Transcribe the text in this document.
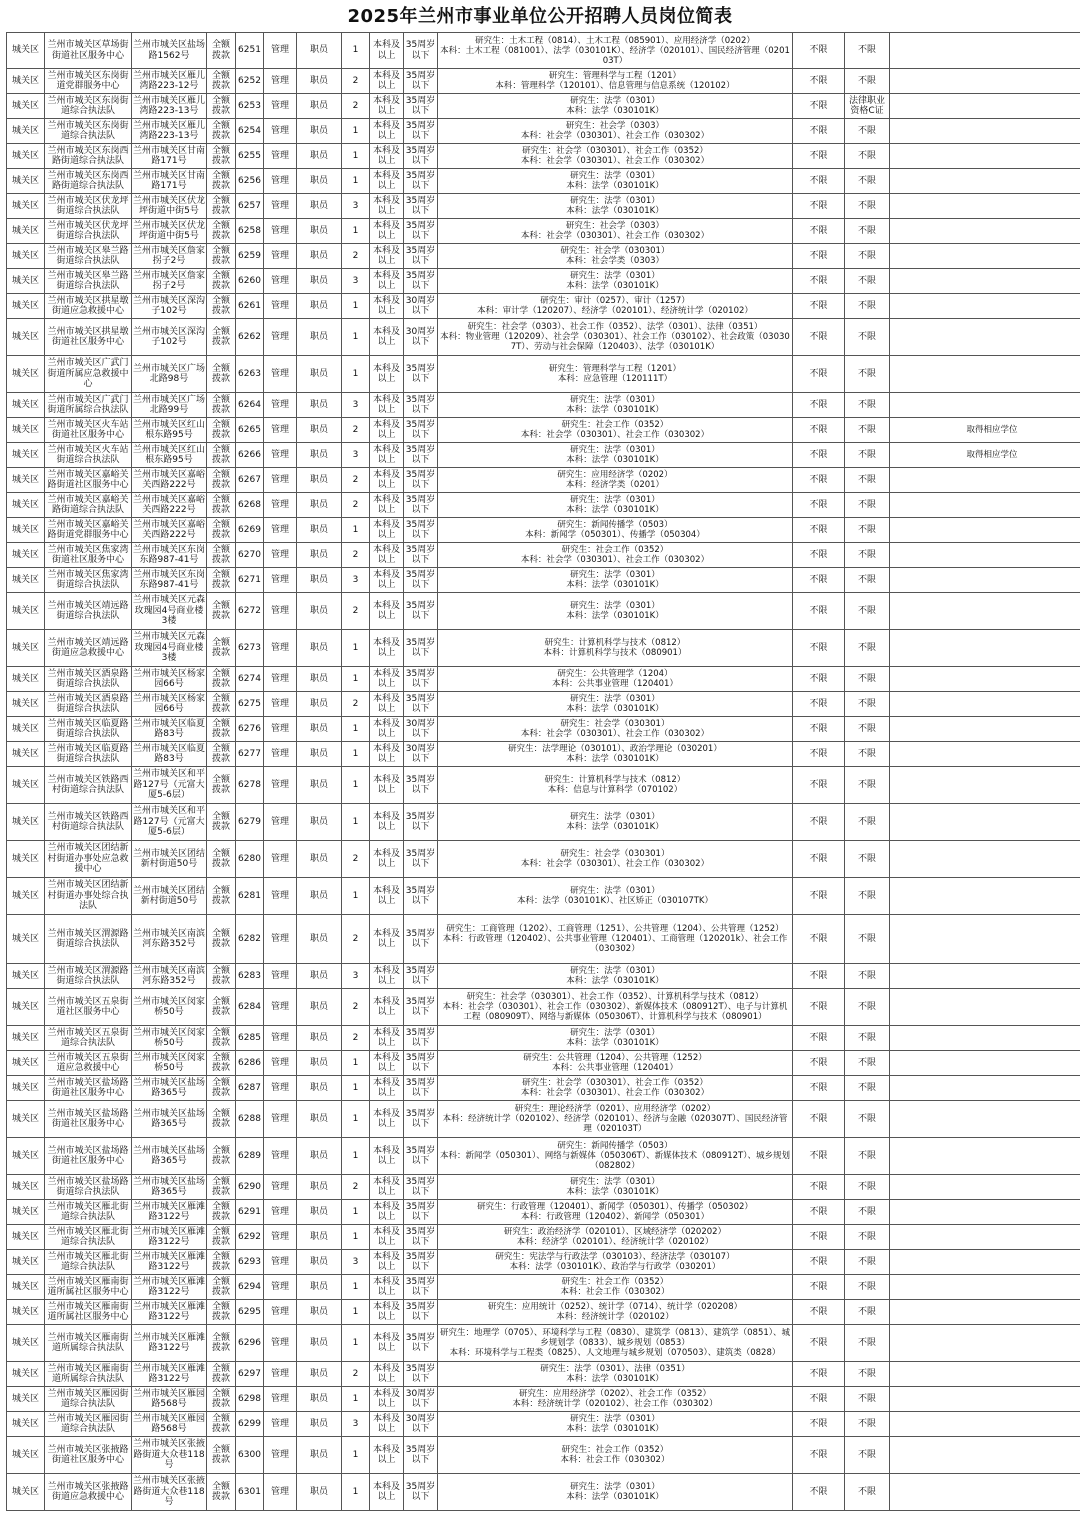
2025年兰州市事业单位公开招聘人员岗位简表
城关区	兰州市城关区草场街街道社区服务中心	兰州市城关区盐场路1562号	全额拨款	6251	管理	职员	1	本科及以上	35周岁以下	研究生：土木工程（0814）、土木工程（085901）、应用经济学（0202）
本科：土木工程（081001）、法学（030101K）、经济学（020101）、国民经济管理（020103T）	不限	不限	
城关区	兰州市城关区东岗街道党群服务中心	兰州市城关区雁儿湾路223-12号	全额拨款	6252	管理	职员	2	本科及以上	35周岁以下	研究生：管理科学与工程（1201）
本科：管理科学（120101）、信息管理与信息系统（120102）	不限	不限	
城关区	兰州市城关区东岗街道综合执法队	兰州市城关区雁儿湾路223-13号	全额拨款	6253	管理	职员	2	本科及以上	35周岁以下	研究生：法学（0301）
本科：法学（030101K）	不限	法律职业资格C证	
城关区	兰州市城关区东岗街道综合执法队	兰州市城关区雁儿湾路223-13号	全额拨款	6254	管理	职员	1	本科及以上	35周岁以下	研究生：社会学（0303）
本科：社会学（030301）、社会工作（030302）	不限	不限	
城关区	兰州市城关区东岗西路街道综合执法队	兰州市城关区甘南路171号	全额拨款	6255	管理	职员	1	本科及以上	35周岁以下	研究生：社会学（030301）、社会工作（0352）
本科：社会学（030301）、社会工作（030302）	不限	不限	
城关区	兰州市城关区东岗西路街道综合执法队	兰州市城关区甘南路171号	全额拨款	6256	管理	职员	1	本科及以上	35周岁以下	研究生：法学（0301）
本科：法学（030101K）	不限	不限	
城关区	兰州市城关区伏龙坪街道综合执法队	兰州市城关区伏龙坪街道中街5号	全额拨款	6257	管理	职员	3	本科及以上	35周岁以下	研究生：法学（0301）
本科：法学（030101K）	不限	不限	
城关区	兰州市城关区伏龙坪街道综合执法队	兰州市城关区伏龙坪街道中街5号	全额拨款	6258	管理	职员	1	本科及以上	35周岁以下	研究生：社会学（0303）
本科：社会学（030301）、社会工作（030302）	不限	不限	
城关区	兰州市城关区皋兰路街道综合执法队	兰州市城关区詹家拐子2号	全额拨款	6259	管理	职员	2	本科及以上	35周岁以下	研究生：社会学（030301）
本科：社会学类（0303）	不限	不限	
城关区	兰州市城关区皋兰路街道综合执法队	兰州市城关区詹家拐子2号	全额拨款	6260	管理	职员	3	本科及以上	35周岁以下	研究生：法学（0301）
本科：法学（030101K）	不限	不限	
城关区	兰州市城关区拱星墩街道应急救援中心	兰州市城关区深沟子102号	全额拨款	6261	管理	职员	1	本科及以上	30周岁以下	研究生：审计（0257）、审计（1257）
本科：审计学（120207）、经济学（020101）、经济统计学（020102）	不限	不限	
城关区	兰州市城关区拱星墩街道社区服务中心	兰州市城关区深沟子102号	全额拨款	6262	管理	职员	1	本科及以上	30周岁以下	研究生：社会学（0303）、社会工作（0352）、法学（0301）、法律（0351）
本科：物业管理（120209）、社会学（030301）、社会工作（030102）、社会政策（030307T）、劳动与社会保障（120403）、法学（030101K）	不限	不限	
城关区	兰州市城关区广武门街道所属应急救援中心	兰州市城关区广场北路98号	全额拨款	6263	管理	职员	1	本科及以上	35周岁以下	研究生：管理科学与工程（1201）
本科：应急管理（120111T）	不限	不限	
城关区	兰州市城关区广武门街道所属综合执法队	兰州市城关区广场北路99号	全额拨款	6264	管理	职员	3	本科及以上	35周岁以下	研究生：法学（0301）
本科：法学（030101K）	不限	不限	
城关区	兰州市城关区火车站街道社区服务中心	兰州市城关区红山根东路95号	全额拨款	6265	管理	职员	2	本科及以上	35周岁以下	研究生：社会工作（0352）
本科：社会学（030301）、社会工作（030302）	不限	不限	取得相应学位
城关区	兰州市城关区火车站街道综合执法队	兰州市城关区红山根东路95号	全额拨款	6266	管理	职员	3	本科及以上	35周岁以下	研究生：法学（0301）
本科：法学（030101K）	不限	不限	取得相应学位
城关区	兰州市城关区嘉峪关路街道社区服务中心	兰州市城关区嘉峪关西路222号	全额拨款	6267	管理	职员	2	本科及以上	35周岁以下	研究生：应用经济学（0202）
本科：经济学类（0201）	不限	不限	
城关区	兰州市城关区嘉峪关路街道综合执法队	兰州市城关区嘉峪关西路222号	全额拨款	6268	管理	职员	2	本科及以上	35周岁以下	研究生：法学（0301）
本科：法学（030101K）	不限	不限	
城关区	兰州市城关区嘉峪关路街道党群服务中心	兰州市城关区嘉峪关西路222号	全额拨款	6269	管理	职员	1	本科及以上	35周岁以下	研究生：新闻传播学（0503）
本科：新闻学（050301）、传播学（050304）	不限	不限	
城关区	兰州市城关区焦家湾街道社区服务中心	兰州市城关区东岗东路987-41号	全额拨款	6270	管理	职员	2	本科及以上	35周岁以下	研究生：社会工作（0352）
本科：社会学（030301）、社会工作（030302）	不限	不限	
城关区	兰州市城关区焦家湾街道综合执法队	兰州市城关区东岗东路987-41号	全额拨款	6271	管理	职员	3	本科及以上	35周岁以下	研究生：法学（0301）
本科：法学（030101K）	不限	不限	
城关区	兰州市城关区靖远路街道综合执法队	兰州市城关区元森玫瑰园4号商业楼3楼	全额拨款	6272	管理	职员	2	本科及以上	35周岁以下	研究生：法学（0301）
本科：法学（030101K）	不限	不限	
城关区	兰州市城关区靖远路街道应急救援中心	兰州市城关区元森玫瑰园4号商业楼3楼	全额拨款	6273	管理	职员	1	本科及以上	35周岁以下	研究生：计算机科学与技术（0812）
本科：计算机科学与技术（080901）	不限	不限	
城关区	兰州市城关区酒泉路街道综合执法队	兰州市城关区杨家园66号	全额拨款	6274	管理	职员	1	本科及以上	35周岁以下	研究生：公共管理学（1204）
本科：公共事业管理（120401）	不限	不限	
城关区	兰州市城关区酒泉路街道综合执法队	兰州市城关区杨家园66号	全额拨款	6275	管理	职员	2	本科及以上	35周岁以下	研究生：法学（0301）
本科：法学（030101K）	不限	不限	
城关区	兰州市城关区临夏路街道综合执法队	兰州市城关区临夏路83号	全额拨款	6276	管理	职员	1	本科及以上	30周岁以下	研究生：社会学（030301）
本科：社会学（030301）、社会工作（030302）	不限	不限	
城关区	兰州市城关区临夏路街道综合执法队	兰州市城关区临夏路83号	全额拨款	6277	管理	职员	1	本科及以上	30周岁以下	研究生：法学理论（030101）、政治学理论（030201）
本科：法学（030101K）	不限	不限	
城关区	兰州市城关区铁路西村街道综合执法队	兰州市城关区和平路127号（元富大厦5-6层）	全额拨款	6278	管理	职员	1	本科及以上	35周岁以下	研究生：计算机科学与技术（0812）
本科：信息与计算科学（070102）	不限	不限	
城关区	兰州市城关区铁路西村街道综合执法队	兰州市城关区和平路127号（元富大厦5-6层）	全额拨款	6279	管理	职员	1	本科及以上	35周岁以下	研究生：法学（0301）
本科：法学（030101K）	不限	不限	
城关区	兰州市城关区团结新村街道办事处应急救援中心	兰州市城关区团结新村街道50号	全额拨款	6280	管理	职员	2	本科及以上	35周岁以下	研究生：社会学（030301）
本科：社会学（030301）、社会工作（030302）	不限	不限	
城关区	兰州市城关区团结新村街道办事处综合执法队	兰州市城关区团结新村街道50号	全额拨款	6281	管理	职员	1	本科及以上	35周岁以下	研究生：法学（0301）
本科：法学（030101K）、社区矫正（030107TK）	不限	不限	
城关区	兰州市城关区渭源路街道综合执法队	兰州市城关区南滨河东路352号	全额拨款	6282	管理	职员	2	本科及以上	35周岁以下	研究生：工商管理（1202）、工商管理（1251）、公共管理（1204）、公共管理（1252）
本科：行政管理（120402）、公共事业管理（120401）、工商管理（120201k）、社会工作（030302）	不限	不限	
城关区	兰州市城关区渭源路街道综合执法队	兰州市城关区南滨河东路352号	全额拨款	6283	管理	职员	3	本科及以上	35周岁以下	研究生：法学（0301）
本科：法学（030101K）	不限	不限	
城关区	兰州市城关区五泉街道社区服务中心	兰州市城关区闵家桥50号	全额拨款	6284	管理	职员	2	本科及以上	35周岁以下	研究生：社会学（030301）、社会工作（0352）、计算机科学与技术（0812）
本科：社会学（030301）、社会工作（030302）、新媒体技术（080912T）、电子与计算机工程（080909T）、网络与新媒体（050306T）、计算机科学与技术（080901）	不限	不限	
城关区	兰州市城关区五泉街道综合执法队	兰州市城关区闵家桥50号	全额拨款	6285	管理	职员	2	本科及以上	35周岁以下	研究生：法学（0301）
本科：法学（030101K）	不限	不限	
城关区	兰州市城关区五泉街道应急救援中心	兰州市城关区闵家桥50号	全额拨款	6286	管理	职员	1	本科及以上	35周岁以下	研究生：公共管理（1204）、公共管理（1252）
本科：公共事业管理（120401）	不限	不限	
城关区	兰州市城关区盐场路街道社区服务中心	兰州市城关区盐场路365号	全额拨款	6287	管理	职员	1	本科及以上	35周岁以下	研究生：社会学（030301）、社会工作（0352）
本科：社会学（030301）、社会工作（030302）	不限	不限	
城关区	兰州市城关区盐场路街道社区服务中心	兰州市城关区盐场路365号	全额拨款	6288	管理	职员	1	本科及以上	35周岁以下	研究生：理论经济学（0201）、应用经济学（0202）
本科：经济统计学（020102）、经济学（020101）、经济与金融（020307T）、国民经济管理（020103T）	不限	不限	
城关区	兰州市城关区盐场路街道社区服务中心	兰州市城关区盐场路365号	全额拨款	6289	管理	职员	1	本科及以上	35周岁以下	研究生：新闻传播学（0503）
本科：新闻学（050301）、网络与新媒体（050306T）、新媒体技术（080912T）、城乡规划（082802）	不限	不限	
城关区	兰州市城关区盐场路街道综合执法队	兰州市城关区盐场路365号	全额拨款	6290	管理	职员	2	本科及以上	35周岁以下	研究生：法学（0301）
本科：法学（030101K）	不限	不限	
城关区	兰州市城关区雁北街道综合执法队	兰州市城关区雁滩路3122号	全额拨款	6291	管理	职员	1	本科及以上	35周岁以下	研究生：行政管理（120401）、新闻学（050301）、传播学（050302）
本科：行政管理（120402）、新闻学（050301）	不限	不限	
城关区	兰州市城关区雁北街道综合执法队	兰州市城关区雁滩路3122号	全额拨款	6292	管理	职员	1	本科及以上	35周岁以下	研究生：政治经济学（020101）、区域经济学（020202）
本科：经济学（020101）、经济统计学（020102）	不限	不限	
城关区	兰州市城关区雁北街道综合执法队	兰州市城关区雁滩路3122号	全额拨款	6293	管理	职员	3	本科及以上	35周岁以下	研究生：宪法学与行政法学（030103）、经济法学（030107）
本科：法学（030101K）、政治学与行政学（030201）	不限	不限	
城关区	兰州市城关区雁南街道所属社区服务中心	兰州市城关区雁滩路3122号	全额拨款	6294	管理	职员	1	本科及以上	35周岁以下	研究生：社会工作（0352）
本科：社会工作（030302）	不限	不限	
城关区	兰州市城关区雁南街道所属社区服务中心	兰州市城关区雁滩路3122号	全额拨款	6295	管理	职员	1	本科及以上	35周岁以下	研究生：应用统计（0252）、统计学（0714）、统计学（020208）
本科：经济统计学（020102）	不限	不限	
城关区	兰州市城关区雁南街道所属综合执法队	兰州市城关区雁滩路3122号	全额拨款	6296	管理	职员	1	本科及以上	35周岁以下	研究生：地理学（0705）、环境科学与工程（0830）、建筑学（0813）、建筑学（0851）、城乡规划学（0833）、城乡规划（0853）
本科：环境科学与工程类（0825）、人文地理与城乡规划（070503）、建筑类（0828）	不限	不限	
城关区	兰州市城关区雁南街道所属综合执法队	兰州市城关区雁滩路3122号	全额拨款	6297	管理	职员	2	本科及以上	35周岁以下	研究生：法学（0301）、法律（0351）
本科：法学（030101K）	不限	不限	
城关区	兰州市城关区雁园街道综合执法队	兰州市城关区雁园路568号	全额拨款	6298	管理	职员	1	本科及以上	30周岁以下	研究生：应用经济学（0202）、社会工作（0352）
本科：经济统计学（020102）、社会工作（030302）	不限	不限	
城关区	兰州市城关区雁园街道综合执法队	兰州市城关区雁园路568号	全额拨款	6299	管理	职员	3	本科及以上	30周岁以下	研究生：法学（0301）
本科：法学（030101K）	不限	不限	
城关区	兰州市城关区张掖路街道社区服务中心	兰州市城关区张掖路街道大众巷118号	全额拨款	6300	管理	职员	1	本科及以上	35周岁以下	研究生：社会工作（0352）
本科：社会工作（030302）	不限	不限	
城关区	兰州市城关区张掖路街道应急救援中心	兰州市城关区张掖路街道大众巷118号	全额拨款	6301	管理	职员	1	本科及以上	35周岁以下	研究生：法学（0301）
本科：法学（030101K）	不限	不限	
